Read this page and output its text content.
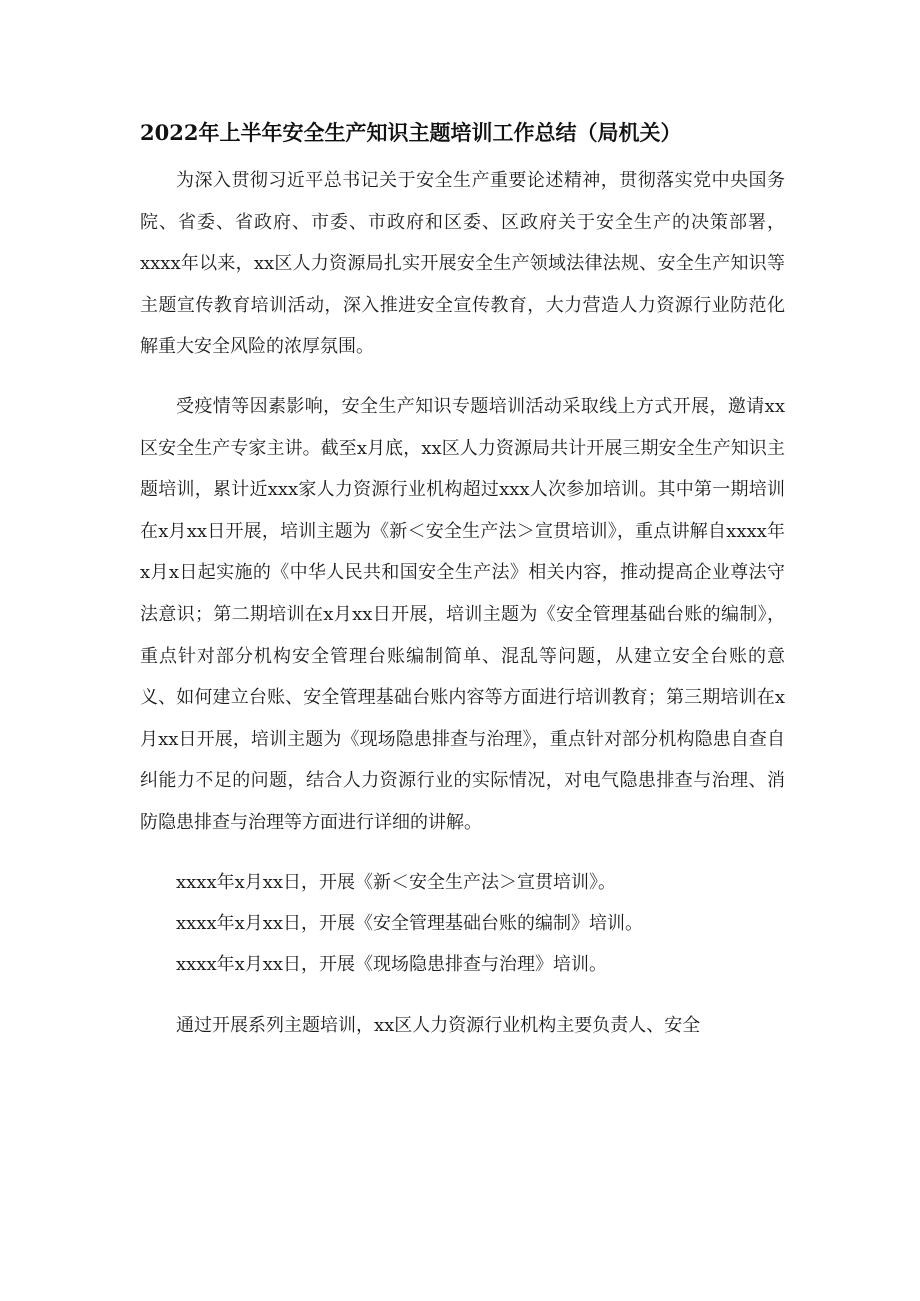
2022年上半年安全生产知识主题培训工作总结（局机关）

为深入贯彻习近平总书记关于安全生产重要论述精神，贯彻落实党中央国务院、省委、省政府、市委、市政府和区委、区政府关于安全生产的决策部署，xxxx年以来，xx区人力资源局扎实开展安全生产领域法律法规、安全生产知识等主题宣传教育培训活动，深入推进安全宣传教育，大力营造人力资源行业防范化解重大安全风险的浓厚氛围。

受疫情等因素影响，安全生产知识专题培训活动采取线上方式开展，邀请xx区安全生产专家主讲。截至x月底，xx区人力资源局共计开展三期安全生产知识主题培训，累计近xxx家人力资源行业机构超过xxx人次参加培训。其中第一期培训在x月xx日开展，培训主题为《新＜安全生产法＞宣贯培训》，重点讲解自xxxx年x月x日起实施的《中华人民共和国安全生产法》相关内容，推动提高企业尊法守法意识；第二期培训在x月xx日开展，培训主题为《安全管理基础台账的编制》，重点针对部分机构安全管理台账编制简单、混乱等问题，从建立安全台账的意义、如何建立台账、安全管理基础台账内容等方面进行培训教育；第三期培训在x月xx日开展，培训主题为《现场隐患排查与治理》，重点针对部分机构隐患自查自纠能力不足的问题，结合人力资源行业的实际情况，对电气隐患排查与治理、消防隐患排查与治理等方面进行详细的讲解。

xxxx年x月xx日，开展《新＜安全生产法＞宣贯培训》。

xxxx年x月xx日，开展《安全管理基础台账的编制》培训。

xxxx年x月xx日，开展《现场隐患排查与治理》培训。

通过开展系列主题培训，xx区人力资源行业机构主要负责人、安全
